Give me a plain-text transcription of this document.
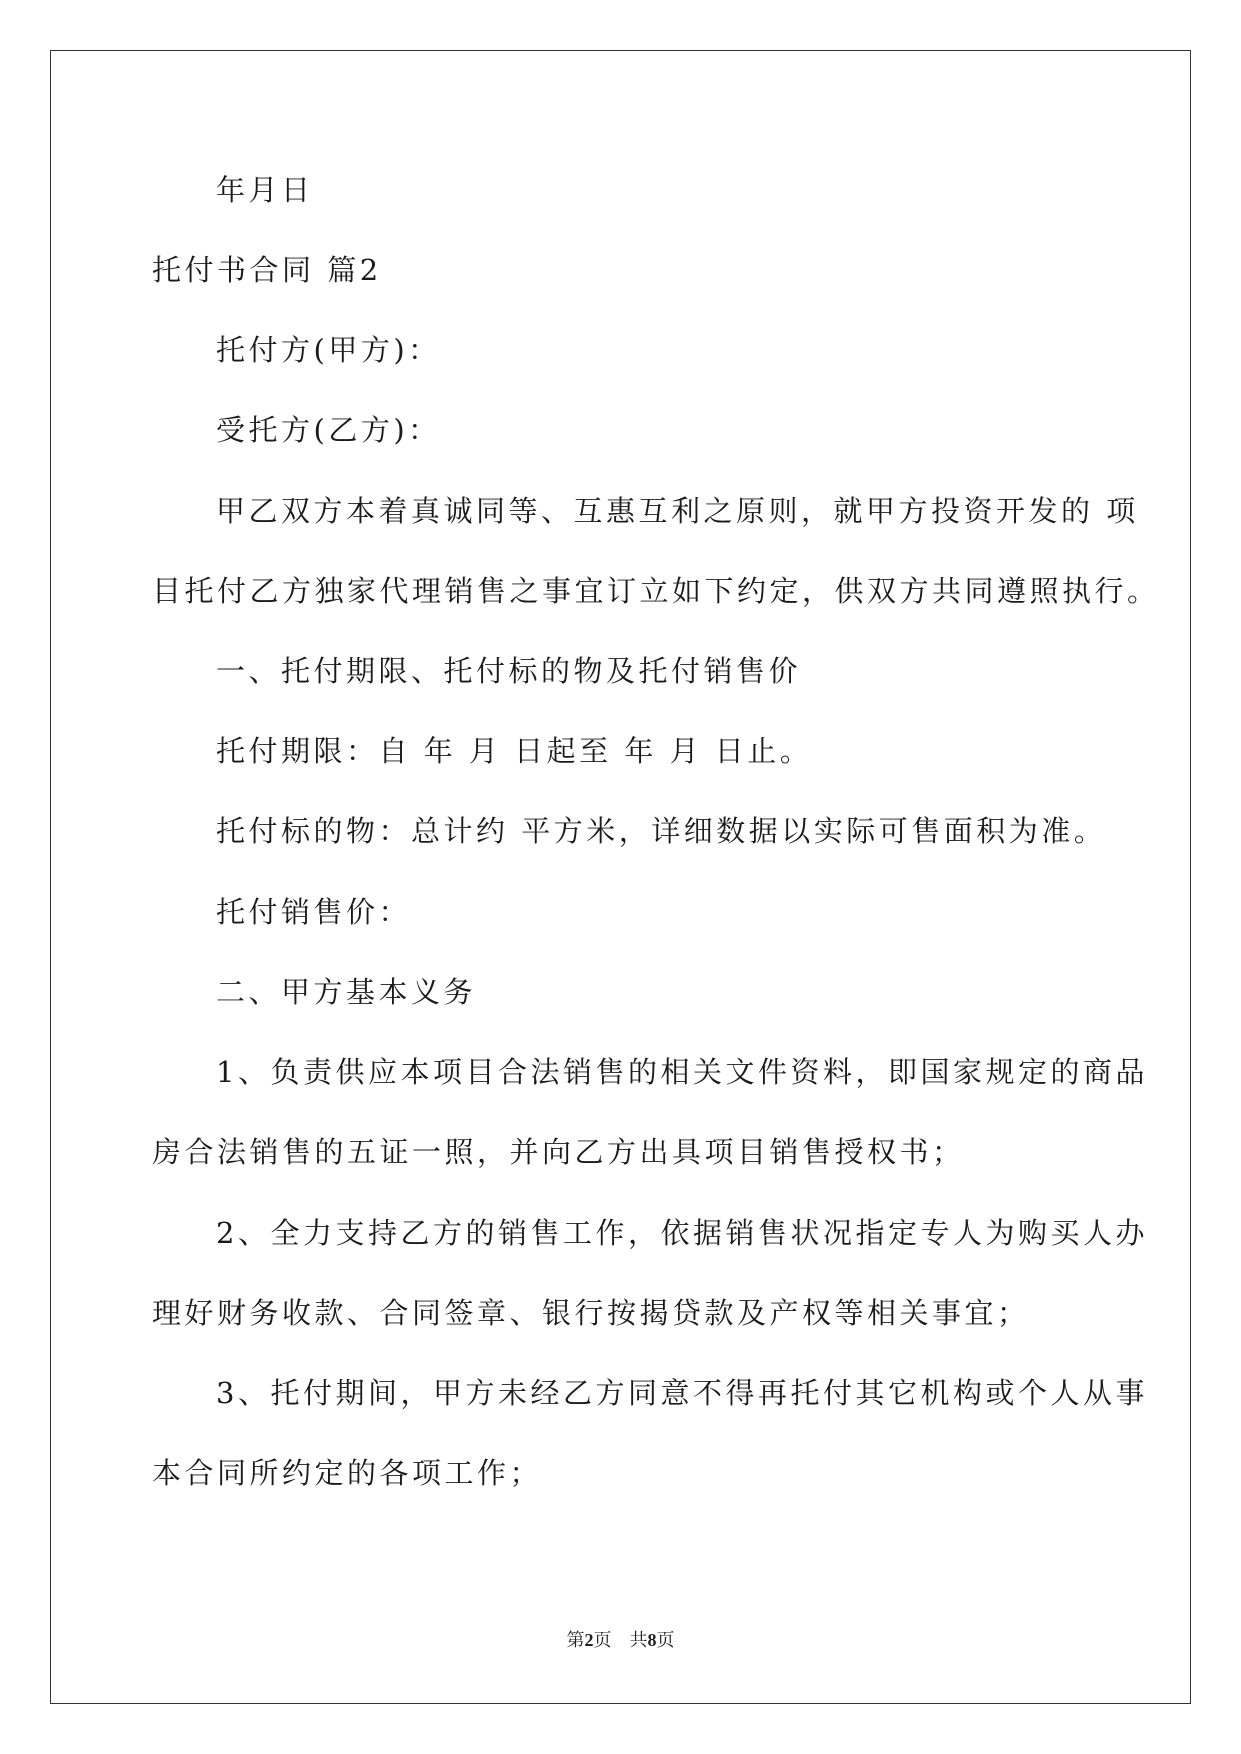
年月日
托付书合同 篇2
托付方(甲方)：
受托方(乙方)：
甲乙双方本着真诚同等、互惠互利之原则，就甲方投资开发的 项
目托付乙方独家代理销售之事宜订立如下约定，供双方共同遵照执行。
一、托付期限、托付标的物及托付销售价
托付期限：自 年 月 日起至 年 月 日止。
托付标的物：总计约 平方米，详细数据以实际可售面积为准。
托付销售价：
二、甲方基本义务
1、负责供应本项目合法销售的相关文件资料，即国家规定的商品
房合法销售的五证一照，并向乙方出具项目销售授权书；
2、全力支持乙方的销售工作，依据销售状况指定专人为购买人办
理好财务收款、合同签章、银行按揭贷款及产权等相关事宜；
3、托付期间，甲方未经乙方同意不得再托付其它机构或个人从事
本合同所约定的各项工作；
第2页 共8页
